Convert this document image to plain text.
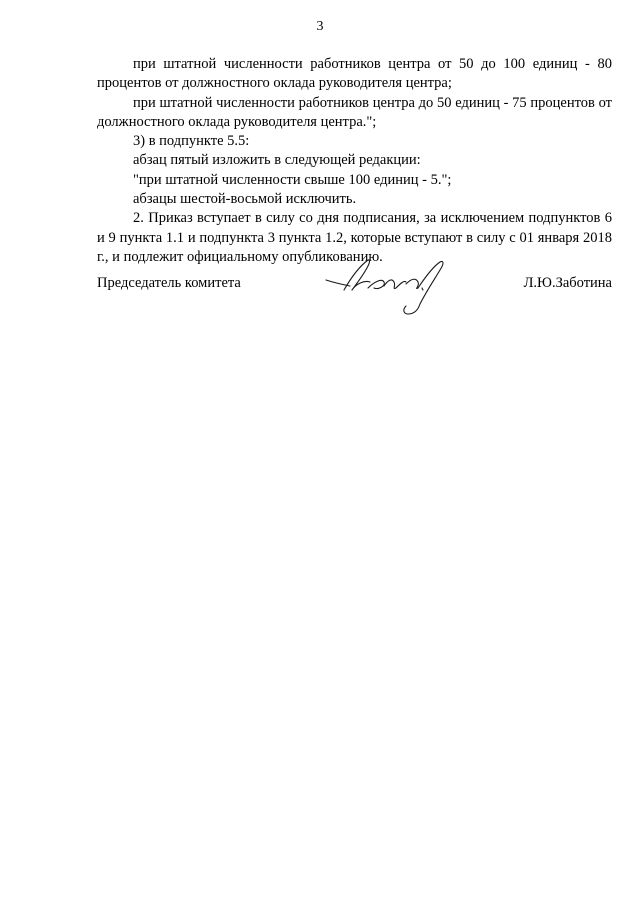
3

при штатной численности работников центра от 50 до 100 единиц - 80 процентов от должностного оклада руководителя центра;

при штатной численности работников центра до 50 единиц - 75 процентов от должностного оклада руководителя центра.";

3) в подпункте 5.5:

абзац пятый изложить в следующей редакции:

"при штатной численности свыше 100 единиц - 5.";

абзацы шестой-восьмой исключить.

2. Приказ вступает в силу со дня подписания, за исключением подпунктов 6 и 9 пункта 1.1 и подпункта 3 пункта 1.2, которые вступают в силу с 01 января 2018 г., и подлежит официальному опубликованию.

Председатель комитета	Л.Ю.Заботина
